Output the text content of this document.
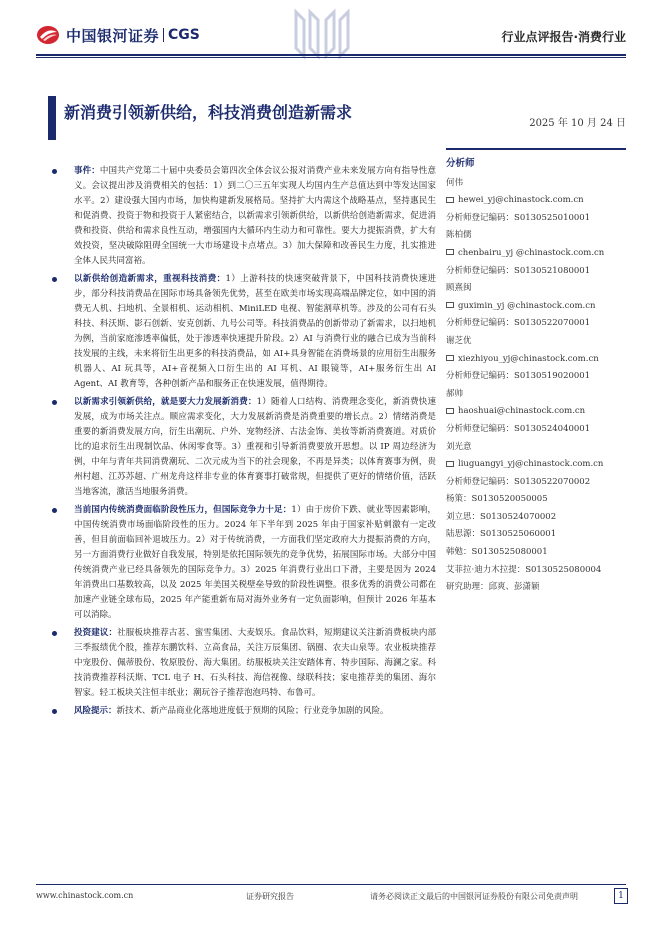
中国银河证券 CGS	行业点评报告·消费行业
新消费引领新供给，科技消费创造新需求
2025 年 10 月 24 日
事件：中国共产党第二十届中央委员会第四次全体会议公报对消费产业未来发展方向有指导性意义。会议提出涉及消费相关的包括：1）到二〇三五年实现人均国内生产总值达到中等发达国家水平。2）建设强大国内市场，加快构建新发展格局。坚持扩大内需这个战略基点，坚持惠民生和促消费、投资于物和投资于人紧密结合，以新需求引领新供给，以新供给创造新需求，促进消费和投资、供给和需求良性互动，增强国内大循环内生动力和可靠性。要大力提振消费，扩大有效投资，坚决破除阻碍全国统一大市场建设卡点堵点。3）加大保障和改善民生力度，扎实推进全体人民共同富裕。
以新供给创造新需求，重视科技消费：1）上游科技的快速突破背景下，中国科技消费快速进步，部分科技消费品在国际市场具备领先优势，甚至在欧美市场实现高端品牌定位，如中国的消费无人机、扫地机、全景相机、运动相机、MiniLED 电视、智能割草机等。涉及的公司有石头科技、科沃斯、影石创新、安克创新、九号公司等。科技消费品的创新带动了新需求，以扫地机为例，当前家庭渗透率偏低，处于渗透率快速提升阶段。2）AI 与消费行业的融合已成为当前科技发展的主线，未来将衍生出更多的科技消费品，如 AI+具身智能在消费场景的应用衍生出服务机器人、AI 玩具等，AI+音视频入口衍生出的 AI 耳机、AI 眼镜等，AI+服务衍生出 AI Agent、AI 教育等，各种创新产品和服务正在快速发展，值得期待。
以新需求引领新供给，就是要大力发展新消费：1）随着人口结构、消费理念变化，新消费快速发展，成为市场关注点。顺应需求变化，大力发展新消费是消费重要的增长点。2）情绪消费是重要的新消费发展方向，衍生出潮玩、户外、宠物经济、古法金饰、美妆等新消费赛道。对质价比的追求衍生出现制饮品、休闲零食等。3）重视和引导新消费要放开思想。以 IP 周边经济为例，中年与青年共同消费潮玩、二次元成为当下的社会现象，不再是异类；以体育赛事为例，贵州村超、江苏苏超、广州龙舟这样非专业的体育赛事打破常规，但提供了更好的情绪价值，活跃当地客流，激活当地服务消费。
当前国内传统消费面临阶段性压力，但国际竞争力十足：1）由于房价下跌、就业等因素影响，中国传统消费市场面临阶段性的压力。2024 年下半年到 2025 年由于国家补贴刺激有一定改善，但目前面临回补退坡压力。2）对于传统消费，一方面我们坚定政府大力提振消费的方向，另一方面消费行业做好自我发展，特别是依托国际领先的竞争优势，拓展国际市场。大部分中国传统消费产业已经具备领先的国际竞争力。3）2025 年消费行业出口下滑，主要是因为 2024 年消费出口基数较高，以及 2025 年美国关税壁垒导致的阶段性调整。很多优秀的消费公司都在加速产业链全球布局，2025 年产能重新布局对海外业务有一定负面影响，但预计 2026 年基本可以消除。
投资建议：社服板块推荐古茗、蜜雪集团、大麦娱乐。食品饮料，短期建议关注新消费板块内部三季报绩优个股，推荐东鹏饮料、立高食品，关注万辰集团、锅圈、农夫山泉等。农业板块推荐中宠股份、佩蒂股份、牧原股份、海大集团。纺服板块关注安踏体育、特步国际、海澜之家。科技消费推荐科沃斯、TCL 电子 H、石头科技、海信视像、绿联科技；家电推荐美的集团、海尔智家。轻工板块关注恒丰纸业；潮玩谷子推荐泡泡玛特、布鲁可。
风险提示：新技术、新产品商业化落地进度低于预期的风险；行业竞争加剧的风险。
分析师
何伟
hewei_yj@chinastock.com.cn
分析师登记编码：S0130525010001
陈柏儒
chenbairu_yj @chinastock.com.cn
分析师登记编码：S0130521080001
顾熹闽
guximin_yj @chinastock.com.cn
分析师登记编码：S0130522070001
谢芝优
xiezhiyou_yj@chinastock.com.cn
分析师登记编码：S0130519020001
郝帅
haoshuai@chinastock.com.cn
分析师登记编码：S0130524040001
刘光意
liuguangyi_yj@chinastock.com.cn
分析师登记编码：S0130522070002
杨策：S0130520050005
刘立思：S0130524070002
陆思源：S0130525060001
韩勉：S0130525080001
艾菲拉·迪力木拉提：S0130525080004
研究助理：邱爽、彭潇颖
www.chinastock.com.cn	证券研究报告	请务必阅读正文最后的中国银河证券股份有限公司免责声明	1
